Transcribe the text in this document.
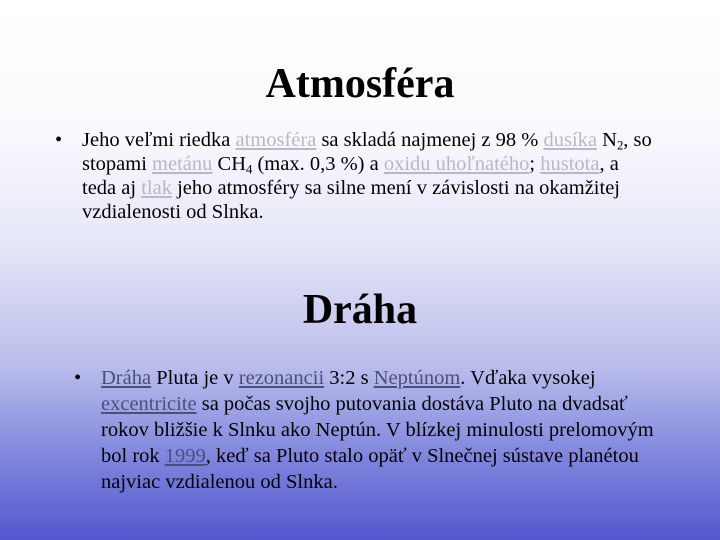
Atmosféra
• Jeho veľmi riedka atmosféra sa skladá najmenej z 98 % dusíka $N_2$, so stopami metánu $CH_4$ (max. 0,3 %) a oxidu uhoľnatého; hustota, a teda aj tlak jeho atmosféry sa silne mení v závislosti na okamžitej vzdialenosti od Slnka.
Dráha
• Dráha Pluta je v rezonancii 3:2 s Neptúnom. Vďaka vysokej excentricite sa počas svojho putovania dostáva Pluto na dvadsať rokov bližšie k Slnku ako Neptún. V blízkej minulosti prelomovým bol rok 1999, keď sa Pluto stalo opäť v Slnečnej sústave planétou najviac vzdialenou od Slnka.
